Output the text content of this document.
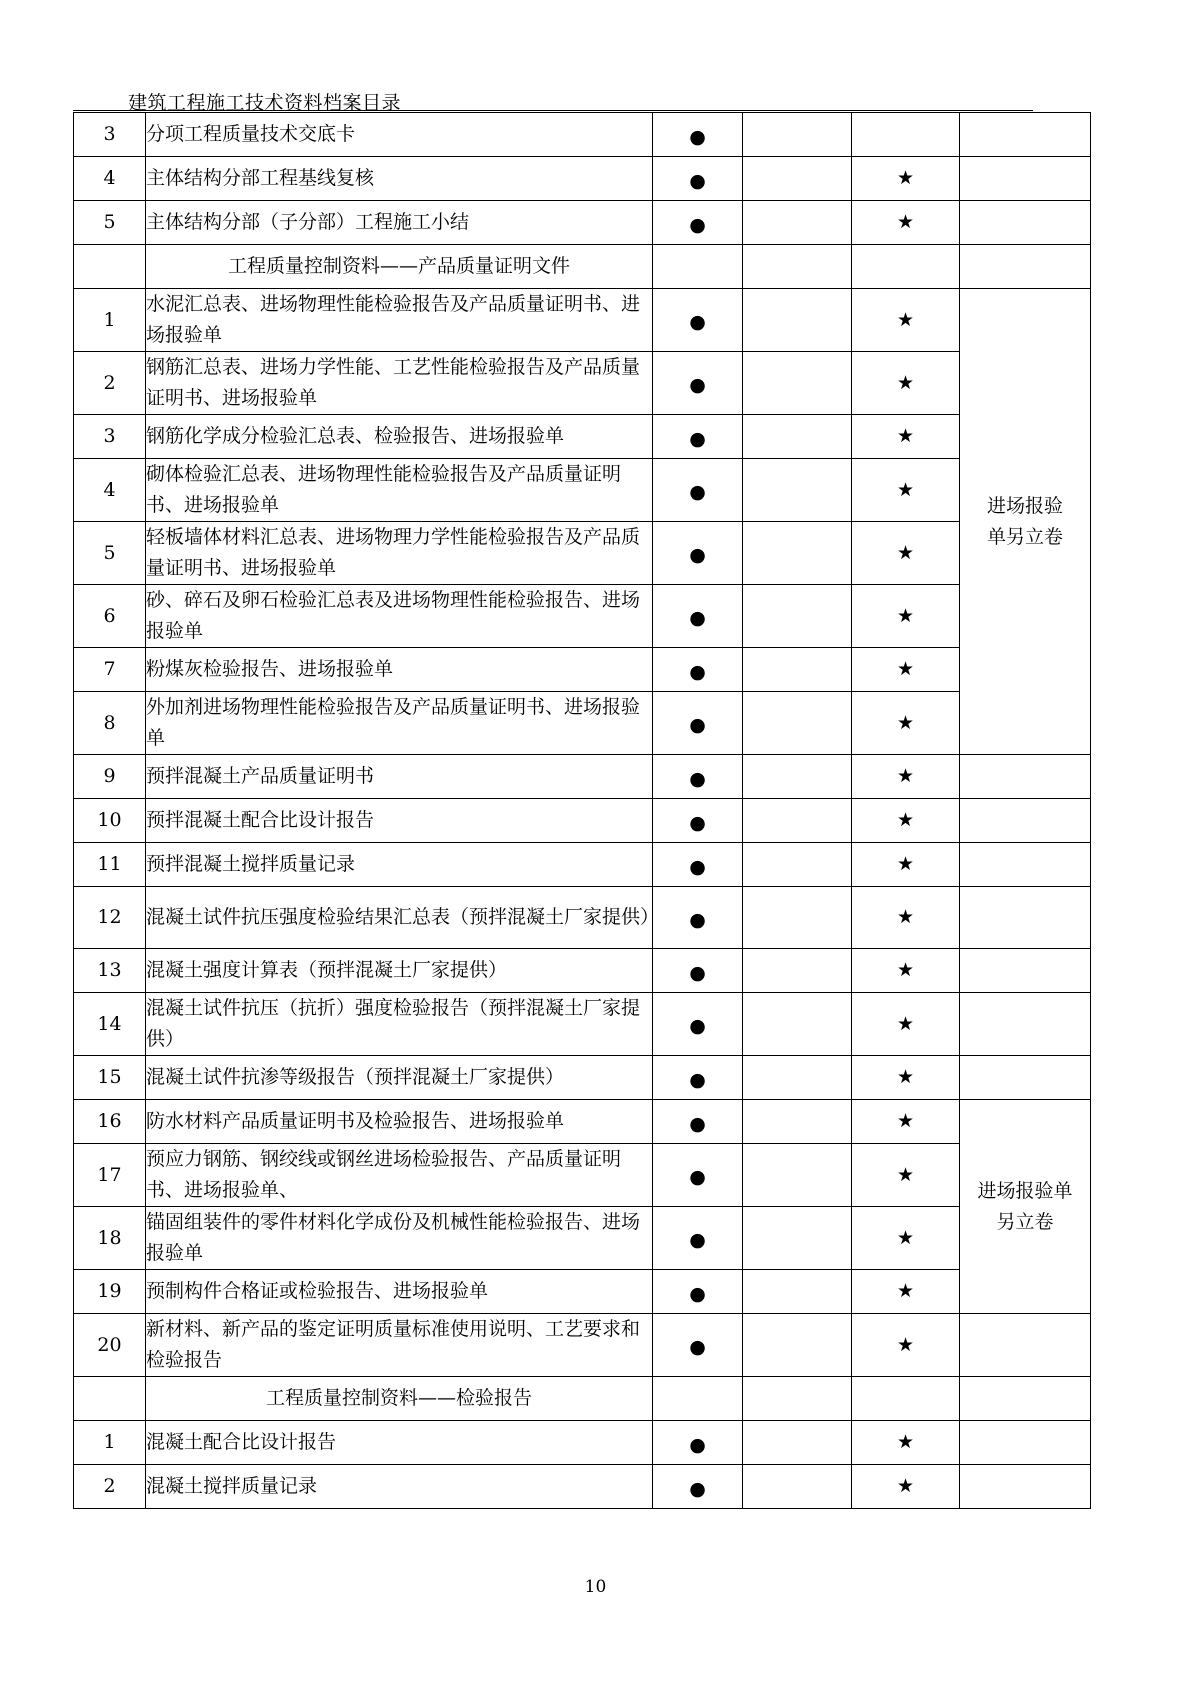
建筑工程施工技术资料档案目录
3	分项工程质量技术交底卡	●			
4	主体结构分部工程基线复核	●		★	
5	主体结构分部（子分部）工程施工小结	●		★	
	工程质量控制资料——产品质量证明文件				
1	水泥汇总表、进场物理性能检验报告及产品质量证明书、进场报验单	●		★	进场报验单另立卷

2	钢筋汇总表、进场力学性能、工艺性能检验报告及产品质量证明书、进场报验单	●		★	
3	钢筋化学成分检验汇总表、检验报告、进场报验单	●		★	
4	砌体检验汇总表、进场物理性能检验报告及产品质量证明书、进场报验单	●		★	
5	轻板墙体材料汇总表、进场物理力学性能检验报告及产品质量证明书、进场报验单	●		★	
6	砂、碎石及卵石检验汇总表及进场物理性能检验报告、进场报验单	●		★	
7	粉煤灰检验报告、进场报验单	●		★	
8	外加剂进场物理性能检验报告及产品质量证明书、进场报验单	●		★	
9	预拌混凝土产品质量证明书	●		★	
10	预拌混凝土配合比设计报告	●		★	
11	预拌混凝土搅拌质量记录	●		★	
12	混凝土试件抗压强度检验结果汇总表（预拌混凝土厂家提供）	●		★	
13	混凝土强度计算表（预拌混凝土厂家提供）	●		★	
14	混凝土试件抗压（抗折）强度检验报告（预拌混凝土厂家提供）	●		★	
15	混凝土试件抗渗等级报告（预拌混凝土厂家提供）	●		★	
16	防水材料产品质量证明书及检验报告、进场报验单	●		★	进场报验单另立卷

17	预应力钢筋、钢绞线或钢丝进场检验报告、产品质量证明书、进场报验单、	●		★	
18	锚固组装件的零件材料化学成份及机械性能检验报告、进场报验单	●		★	
19	预制构件合格证或检验报告、进场报验单	●		★	
20	新材料、新产品的鉴定证明质量标准使用说明、工艺要求和检验报告	●		★	
	工程质量控制资料——检验报告				
1	混凝土配合比设计报告	●		★	
2	混凝土搅拌质量记录	●		★	
10
